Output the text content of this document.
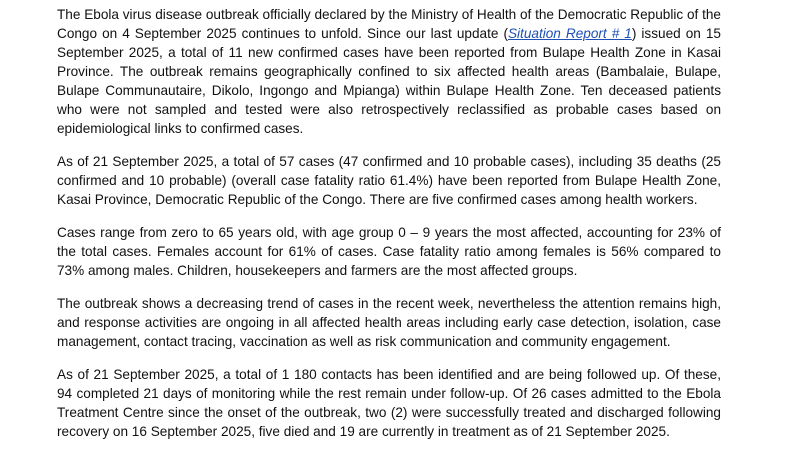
The Ebola virus disease outbreak officially declared by the Ministry of Health of the Democratic Republic of the Congo on 4 September 2025 continues to unfold. Since our last update (Situation Report # 1) issued on 15 September 2025, a total of 11 new confirmed cases have been reported from Bulape Health Zone in Kasai Province. The outbreak remains geographically confined to six affected health areas (Bambalaie, Bulape, Bulape Communautaire, Dikolo, Ingongo and Mpianga) within Bulape Health Zone. Ten deceased patients who were not sampled and tested were also retrospectively reclassified as probable cases based on epidemiological links to confirmed cases.

As of 21 September 2025, a total of 57 cases (47 confirmed and 10 probable cases), including 35 deaths (25 confirmed and 10 probable) (overall case fatality ratio 61.4%) have been reported from Bulape Health Zone, Kasai Province, Democratic Republic of the Congo. There are five confirmed cases among health workers.

Cases range from zero to 65 years old, with age group 0 – 9 years the most affected, accounting for 23% of the total cases. Females account for 61% of cases. Case fatality ratio among females is 56% compared to 73% among males. Children, housekeepers and farmers are the most affected groups.

The outbreak shows a decreasing trend of cases in the recent week, nevertheless the attention remains high, and response activities are ongoing in all affected health areas including early case detection, isolation, case management, contact tracing, vaccination as well as risk communication and community engagement.

As of 21 September 2025, a total of 1 180 contacts has been identified and are being followed up. Of these, 94 completed 21 days of monitoring while the rest remain under follow-up. Of 26 cases admitted to the Ebola Treatment Centre since the onset of the outbreak, two (2) were successfully treated and discharged following recovery on 16 September 2025, five died and 19 are currently in treatment as of 21 September 2025.
